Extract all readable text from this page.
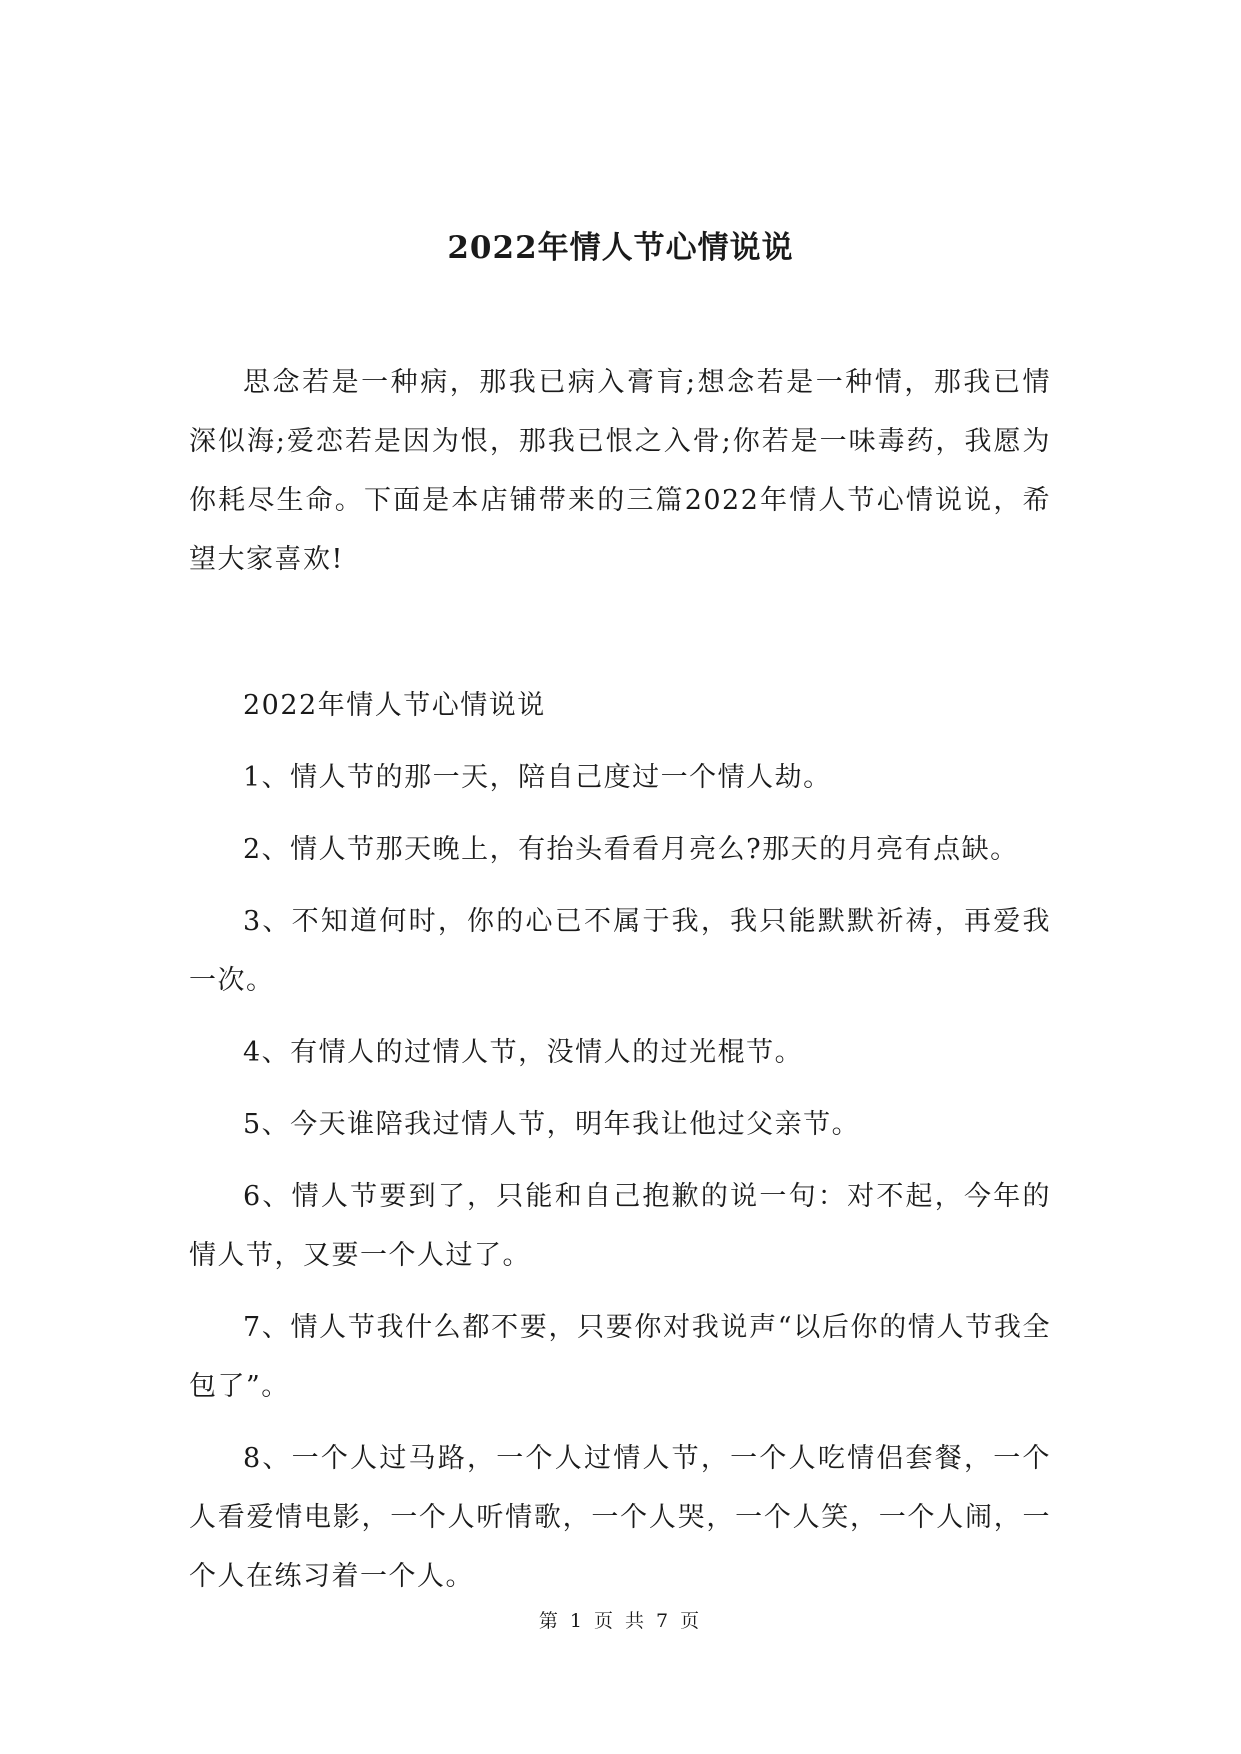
2022年情人节心情说说

思念若是一种病，那我已病入膏肓;想念若是一种情，那我已情深似海;爱恋若是因为恨，那我已恨之入骨;你若是一味毒药，我愿为你耗尽生命。下面是本店铺带来的三篇2022年情人节心情说说，希望大家喜欢!

2022年情人节心情说说

1、情人节的那一天，陪自己度过一个情人劫。

2、情人节那天晚上，有抬头看看月亮么?那天的月亮有点缺。

3、不知道何时，你的心已不属于我，我只能默默祈祷，再爱我一次。

4、有情人的过情人节，没情人的过光棍节。

5、今天谁陪我过情人节，明年我让他过父亲节。

6、情人节要到了，只能和自己抱歉的说一句：对不起，今年的情人节，又要一个人过了。

7、情人节我什么都不要，只要你对我说声“以后你的情人节我全包了”。

8、一个人过马路，一个人过情人节，一个人吃情侣套餐，一个人看爱情电影，一个人听情歌，一个人哭，一个人笑，一个人闹，一个人在练习着一个人。

第 1 页 共 7 页
